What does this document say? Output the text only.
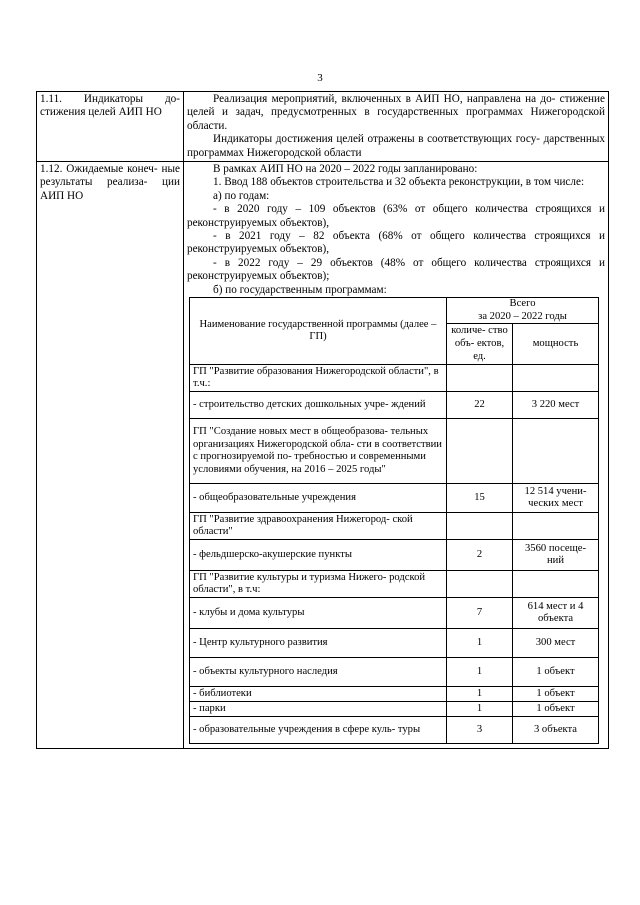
3
1.11. Индикаторы до- стижения целей АИП НО	
Реализация мероприятий, включенных в АИП НО, направлена на до- стижение целей и задач, предусмотренных в государственных программах Нижегородской области.
Индикаторы достижения целей отражены в соответствующих госу- дарственных программах Нижегородской области

1.12. Ожидаемые конеч- ные результаты реализа- ции АИП НО	
В рамках АИП НО на 2020 – 2022 годы запланировано:
1. Ввод 188 объектов строительства и 32 объекта реконструкции, в том числе:
а) по годам:
- в 2020 году – 109 объектов (63% от общего количества строящихся и реконструируемых объектов),
- в 2021 году – 82 объекта (68% от общего количества строящихся и реконструируемых объектов),
- в 2022 году – 29 объектов (48% от общего количества строящихся и реконструируемых объектов);
б) по государственным программам:
Наименование государственной программы (далее – ГП)	
Всего
за 2020 – 2022 годы

количе- ство объ- ектов, ед.	мощность
ГП "Развитие образования Нижегородской области", в т.ч.:		
- строительство детских дошкольных учре- ждений	22	3 220 мест
ГП "Создание новых мест в общеобразова- тельных организациях Нижегородской обла- сти в соответствии с прогнозируемой по- требностью и современными условиями обучения, на 2016 – 2025 годы"		
- общеобразовательные учреждения	15	12 514 учени- ческих мест
ГП "Развитие здравоохранения Нижегород- ской области"		
- фельдшерско-акушерские пункты	2	3560 посеще- ний
ГП "Развитие культуры и туризма Нижего- родской области", в т.ч:		
- клубы и дома культуры	7	614 мест и 4 объекта
- Центр культурного развития	1	300 мест
- объекты культурного наследия	1	1 объект
- библиотеки	1	1 объект
- парки	1	1 объект
- образовательные учреждения в сфере куль- туры	3	3 объекта
